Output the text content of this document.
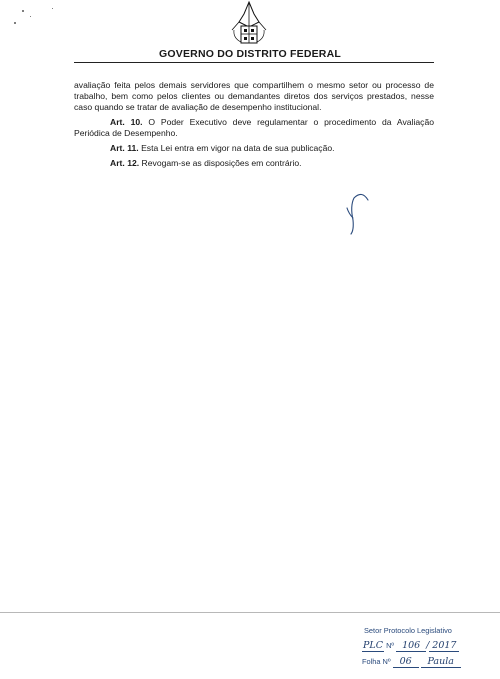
GOVERNO DO DISTRITO FEDERAL

avaliação feita pelos demais servidores que compartilhem o mesmo setor ou processo de trabalho, bem como pelos clientes ou demandantes diretos dos serviços prestados, nesse caso quando se tratar de avaliação de desempenho institucional.

Art. 10. O Poder Executivo deve regulamentar o procedimento da Avaliação Periódica de Desempenho.

Art. 11. Esta Lei entra em vigor na data de sua publicação.

Art. 12. Revogam-se as disposições em contrário.

Setor Protocolo Legislativo
PLC Nº 106 / 2017
Folha Nº 06 Paula
